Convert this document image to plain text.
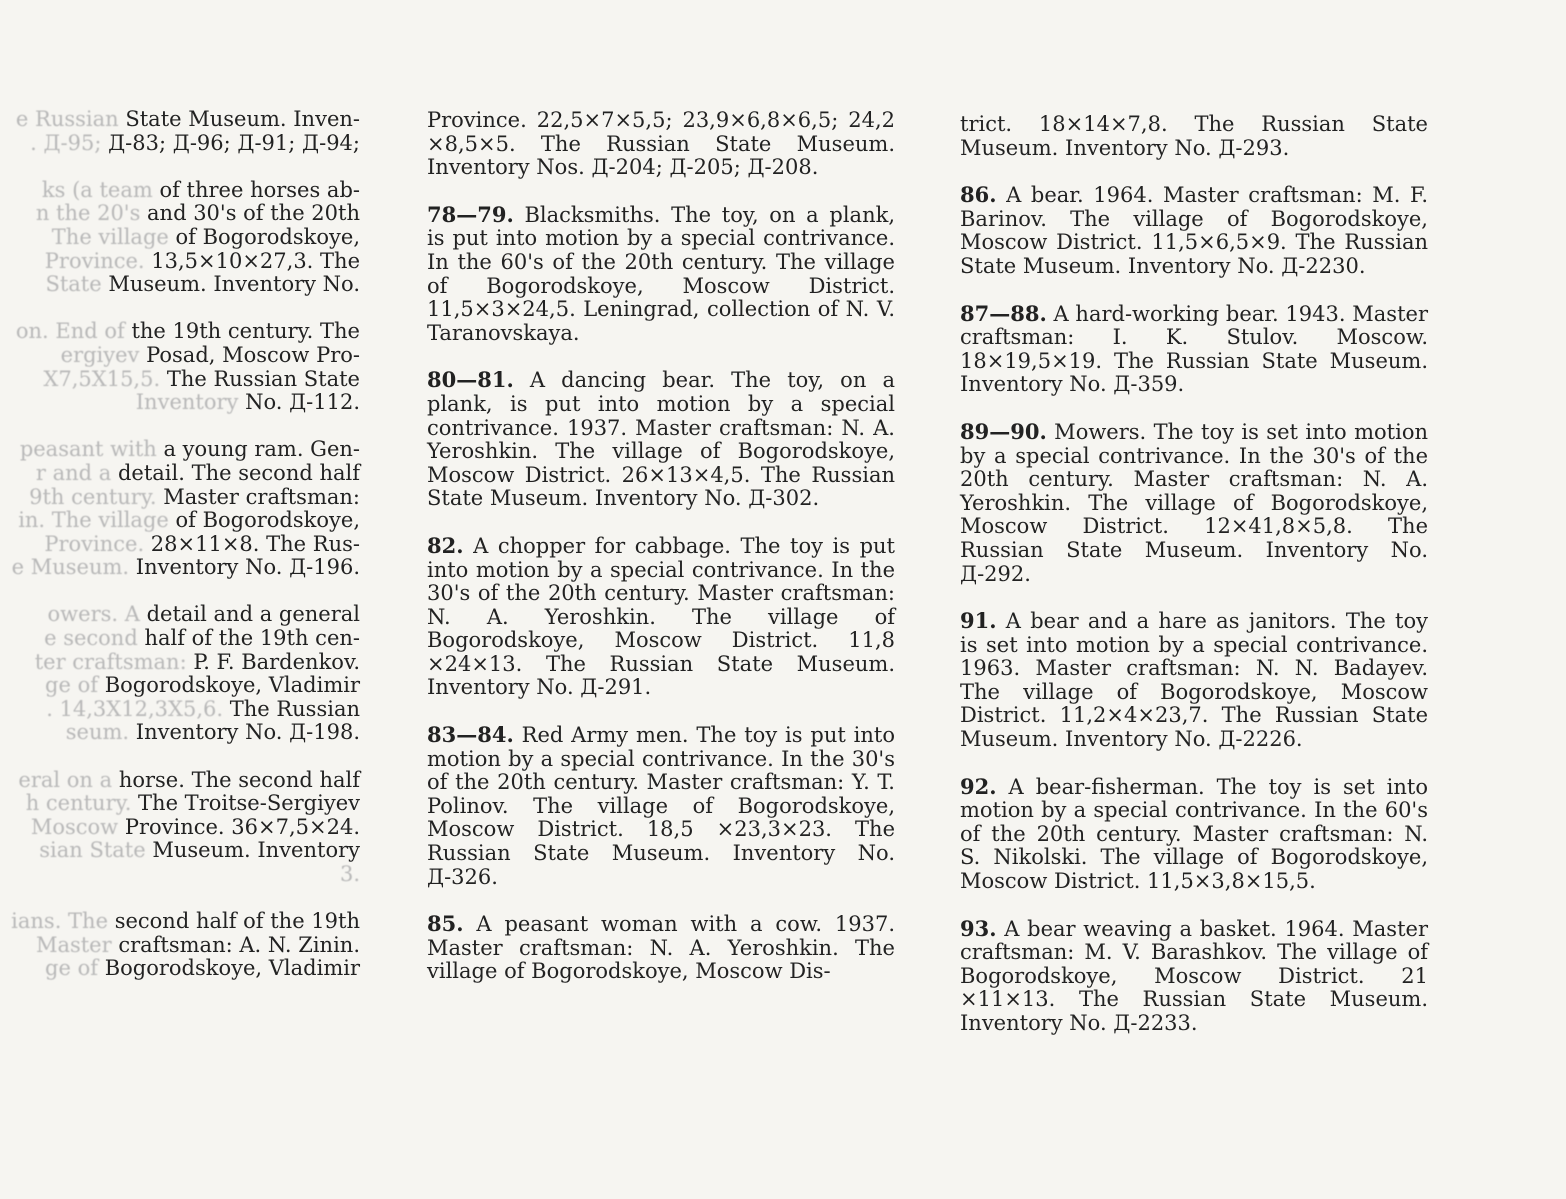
e Russian State Museum. Inven-
. Д-95; Д-83; Д-96; Д-91; Д-94;
ks (a team of three horses ab-
n the 20's and 30's of the 20th
The village of Bogorodskoye,
Province. 13,5×10×27,3. The
State Museum. Inventory No.
on. End of the 19th century. The
ergiyev Posad, Moscow Pro-
X7,5X15,5. The Russian State
Inventory No. Д-112.
peasant with a young ram. Gen-
r and a detail. The second half
9th century. Master craftsman:
in. The village of Bogorodskoye,
Province. 28×11×8. The Rus-
e Museum. Inventory No. Д-196.
owers. A detail and a general
e second half of the 19th cen-
ter craftsman: P. F. Bardenkov.
ge of Bogorodskoye, Vladimir
. 14,3X12,3X5,6. The Russian
seum. Inventory No. Д-198.
eral on a horse. The second half
h century. The Troitse-Sergiyev
Moscow Province. 36×7,5×24.
sian State Museum. Inventory
3.
ians. The second half of the 19th
Master craftsman: A. N. Zinin.
ge of Bogorodskoye, Vladimir

Province. 22,5×7×5,5; 23,9×6,8×6,5; 24,2 ×8,5×5. The Russian State Museum. Inventory Nos. Д-204; Д-205; Д-208.

78—79. Blacksmiths. The toy, on a plank, is put into motion by a special contrivance. In the 60's of the 20th century. The village of Bogorodskoye, Moscow District. 11,5×3×24,5. Leningrad, collection of N. V. Taranovskaya.

80—81. A dancing bear. The toy, on a plank, is put into motion by a special contrivance. 1937. Master craftsman: N. A. Yeroshkin. The village of Bogorodskoye, Moscow District. 26×13×4,5. The Russian State Museum. Inventory No. Д-302.

82. A chopper for cabbage. The toy is put into motion by a special contrivance. In the 30's of the 20th century. Master craftsman: N. A. Yeroshkin. The village of Bogorodskoye, Moscow District. 11,8 ×24×13. The Russian State Museum. Inventory No. Д-291.

83—84. Red Army men. The toy is put into motion by a special contrivance. In the 30's of the 20th century. Master craftsman: Y. T. Polinov. The village of Bogorodskoye, Moscow District. 18,5 ×23,3×23. The Russian State Museum. Inventory No. Д-326.

85. A peasant woman with a cow. 1937. Master craftsman: N. A. Yeroshkin. The village of Bogorodskoye, Moscow Dis-

trict. 18×14×7,8. The Russian State Museum. Inventory No. Д-293.

86. A bear. 1964. Master craftsman: M. F. Barinov. The village of Bogorodskoye, Moscow District. 11,5×6,5×9. The Russian State Museum. Inventory No. Д-2230.

87—88. A hard-working bear. 1943. Master craftsman: I. K. Stulov. Moscow. 18×19,5×19. The Russian State Museum. Inventory No. Д-359.

89—90. Mowers. The toy is set into motion by a special contrivance. In the 30's of the 20th century. Master craftsman: N. A. Yeroshkin. The village of Bogorodskoye, Moscow District. 12×41,8×5,8. The Russian State Museum. Inventory No. Д-292.

91. A bear and a hare as janitors. The toy is set into motion by a special contrivance. 1963. Master craftsman: N. N. Badayev. The village of Bogorodskoye, Moscow District. 11,2×4×23,7. The Russian State Museum. Inventory No. Д-2226.

92. A bear-fisherman. The toy is set into motion by a special contrivance. In the 60's of the 20th century. Master craftsman: N. S. Nikolski. The village of Bogorodskoye, Moscow District. 11,5×3,8×15,5.

93. A bear weaving a basket. 1964. Master craftsman: M. V. Barashkov. The village of Bogorodskoye, Moscow District. 21 ×11×13. The Russian State Museum. Inventory No. Д-2233.
